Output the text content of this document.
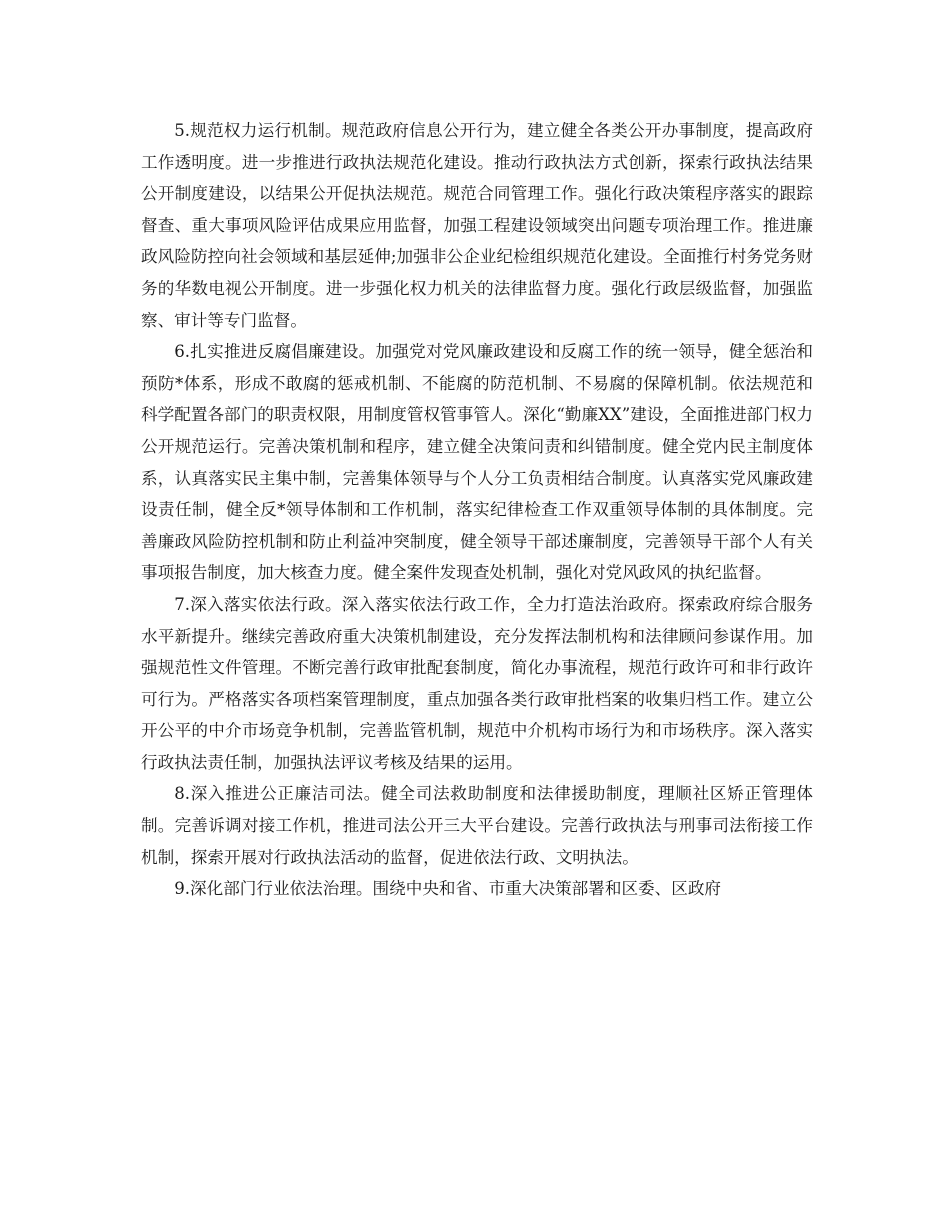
5.规范权力运行机制。规范政府信息公开行为，建立健全各类公开办事制度，提高政府工作透明度。进一步推进行政执法规范化建设。推动行政执法方式创新，探索行政执法结果公开制度建设，以结果公开促执法规范。规范合同管理工作。强化行政决策程序落实的跟踪督查、重大事项风险评估成果应用监督，加强工程建设领域突出问题专项治理工作。推进廉政风险防控向社会领域和基层延伸;加强非公企业纪检组织规范化建设。全面推行村务党务财务的华数电视公开制度。进一步强化权力机关的法律监督力度。强化行政层级监督，加强监察、审计等专门监督。

6.扎实推进反腐倡廉建设。加强党对党风廉政建设和反腐工作的统一领导，健全惩治和预防*体系，形成不敢腐的惩戒机制、不能腐的防范机制、不易腐的保障机制。依法规范和科学配置各部门的职责权限，用制度管权管事管人。深化“勤廉XX”建设，全面推进部门权力公开规范运行。完善决策机制和程序，建立健全决策问责和纠错制度。健全党内民主制度体系，认真落实民主集中制，完善集体领导与个人分工负责相结合制度。认真落实党风廉政建设责任制，健全反*领导体制和工作机制，落实纪律检查工作双重领导体制的具体制度。完善廉政风险防控机制和防止利益冲突制度，健全领导干部述廉制度，完善领导干部个人有关事项报告制度，加大核查力度。健全案件发现查处机制，强化对党风政风的执纪监督。

7.深入落实依法行政。深入落实依法行政工作，全力打造法治政府。探索政府综合服务水平新提升。继续完善政府重大决策机制建设，充分发挥法制机构和法律顾问参谋作用。加强规范性文件管理。不断完善行政审批配套制度，简化办事流程，规范行政许可和非行政许可行为。严格落实各项档案管理制度，重点加强各类行政审批档案的收集归档工作。建立公开公平的中介市场竞争机制，完善监管机制，规范中介机构市场行为和市场秩序。深入落实行政执法责任制，加强执法评议考核及结果的运用。

8.深入推进公正廉洁司法。健全司法救助制度和法律援助制度，理顺社区矫正管理体制。完善诉调对接工作机，推进司法公开三大平台建设。完善行政执法与刑事司法衔接工作机制，探索开展对行政执法活动的监督，促进依法行政、文明执法。

9.深化部门行业依法治理。围绕中央和省、市重大决策部署和区委、区政府
